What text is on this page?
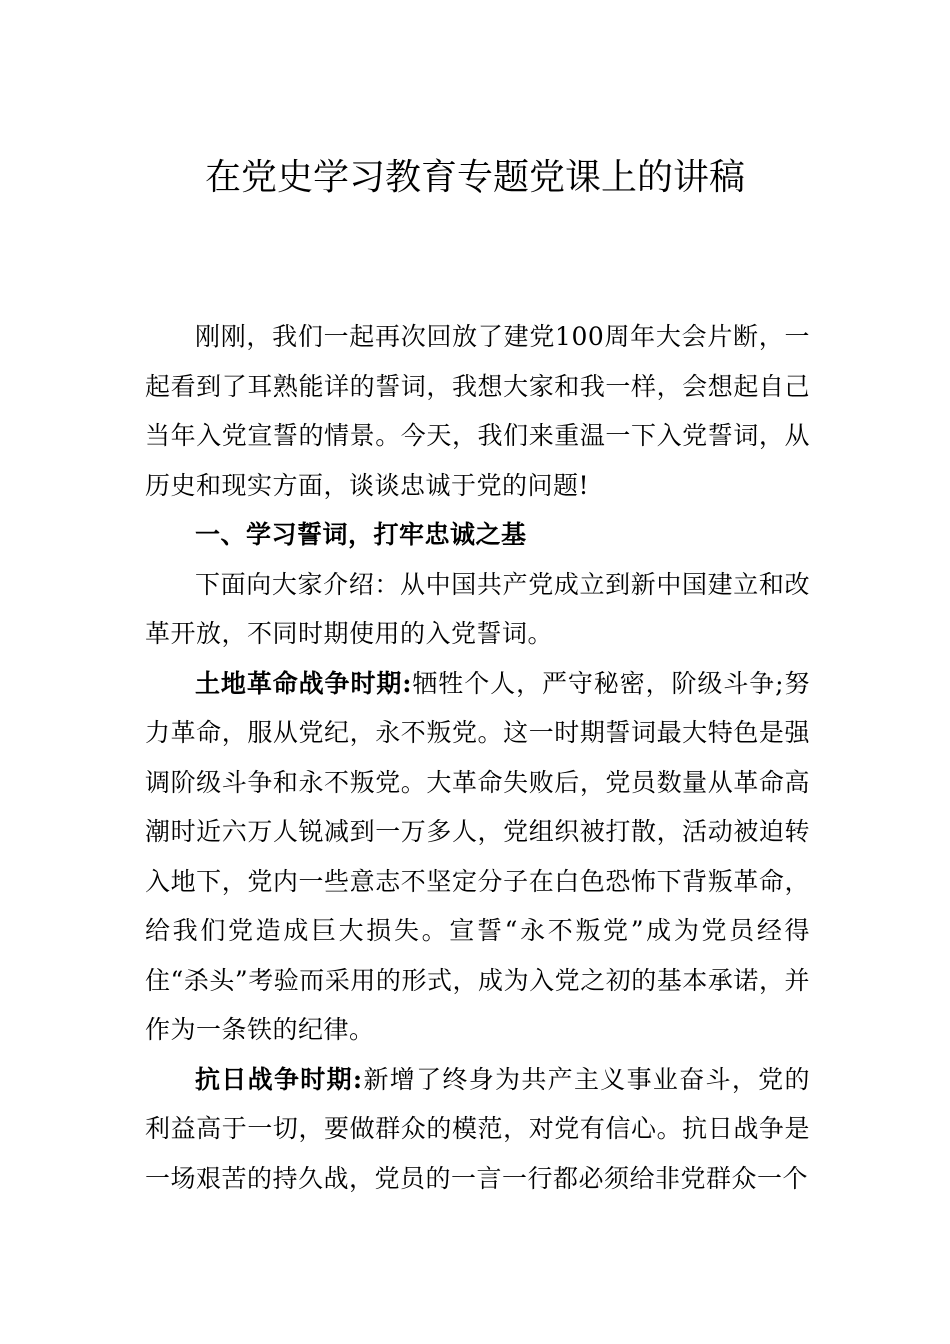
在党史学习教育专题党课上的讲稿

刚刚，我们一起再次回放了建党100周年大会片断，一起看到了耳熟能详的誓词，我想大家和我一样，会想起自己当年入党宣誓的情景。今天，我们来重温一下入党誓词，从历史和现实方面，谈谈忠诚于党的问题!

一、学习誓词，打牢忠诚之基

下面向大家介绍：从中国共产党成立到新中国建立和改革开放，不同时期使用的入党誓词。

土地革命战争时期:牺牲个人，严守秘密，阶级斗争;努力革命，服从党纪，永不叛党。这一时期誓词最大特色是强调阶级斗争和永不叛党。大革命失败后，党员数量从革命高潮时近六万人锐减到一万多人，党组织被打散，活动被迫转入地下，党内一些意志不坚定分子在白色恐怖下背叛革命，给我们党造成巨大损失。宣誓“永不叛党”成为党员经得住“杀头”考验而采用的形式，成为入党之初的基本承诺，并作为一条铁的纪律。

抗日战争时期:新增了终身为共产主义事业奋斗，党的利益高于一切，要做群众的模范，对党有信心。抗日战争是一场艰苦的持久战，党员的一言一行都必须给非党群众一个
